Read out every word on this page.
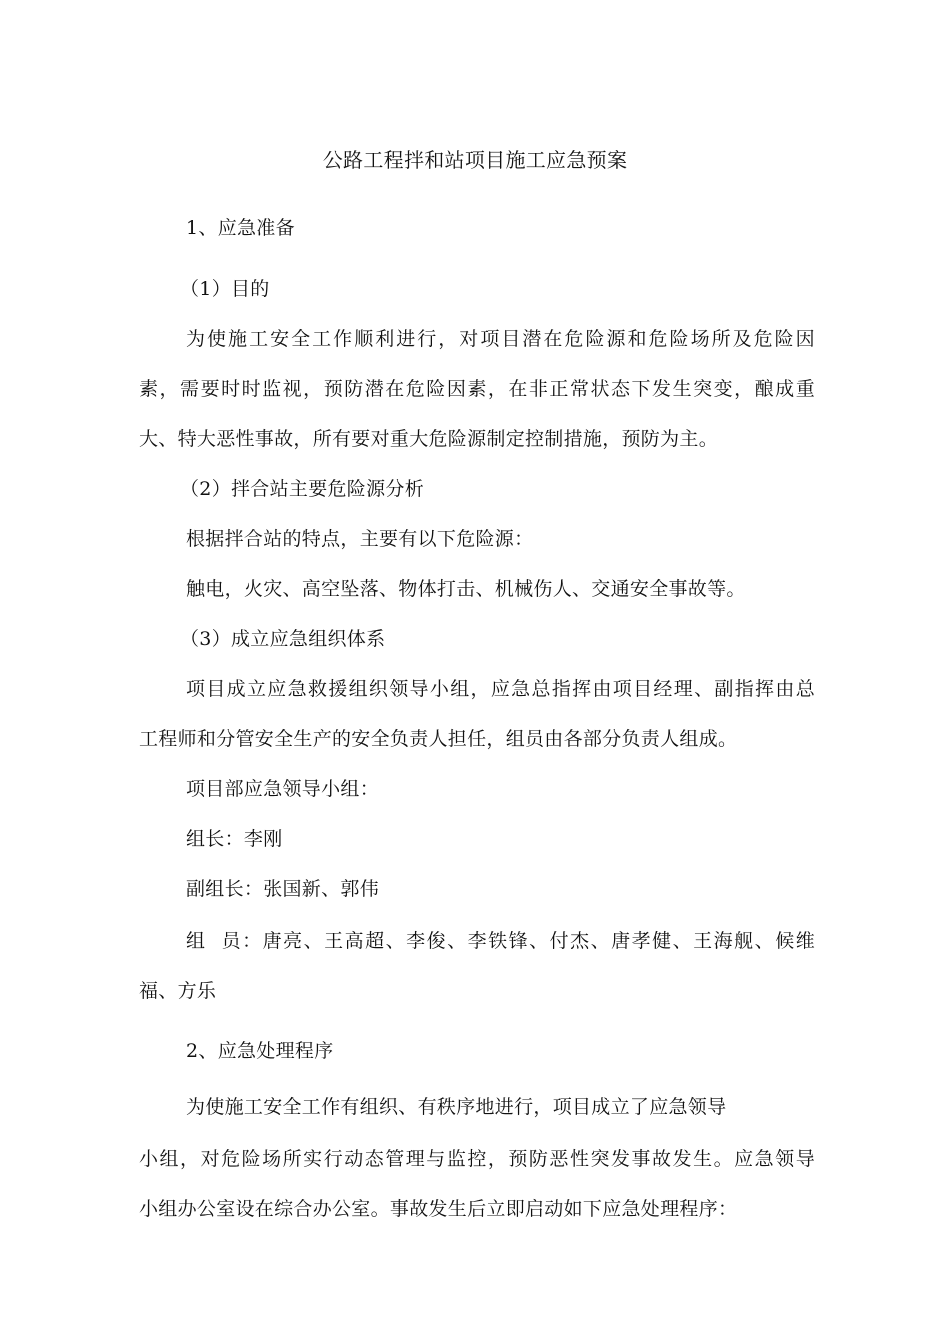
公路工程拌和站项目施工应急预案
1、应急准备
（1）目的
为使施工安全工作顺利进行，对项目潜在危险源和危险场所及危险因
素，需要时时监视，预防潜在危险因素，在非正常状态下发生突变，酿成重
大、特大恶性事故，所有要对重大危险源制定控制措施，预防为主。
（2）拌合站主要危险源分析
根据拌合站的特点，主要有以下危险源：
触电，火灾、高空坠落、物体打击、机械伤人、交通安全事故等。
（3）成立应急组织体系
项目成立应急救援组织领导小组，应急总指挥由项目经理、副指挥由总
工程师和分管安全生产的安全负责人担任，组员由各部分负责人组成。
项目部应急领导小组：
组长：李刚
副组长：张国新、郭伟
组  员：唐亮、王高超、李俊、李铁锋、付杰、唐孝健、王海舰、候维
福、方乐
2、应急处理程序
为使施工安全工作有组织、有秩序地进行，项目成立了应急领导
小组，对危险场所实行动态管理与监控，预防恶性突发事故发生。应急领导
小组办公室设在综合办公室。事故发生后立即启动如下应急处理程序：
